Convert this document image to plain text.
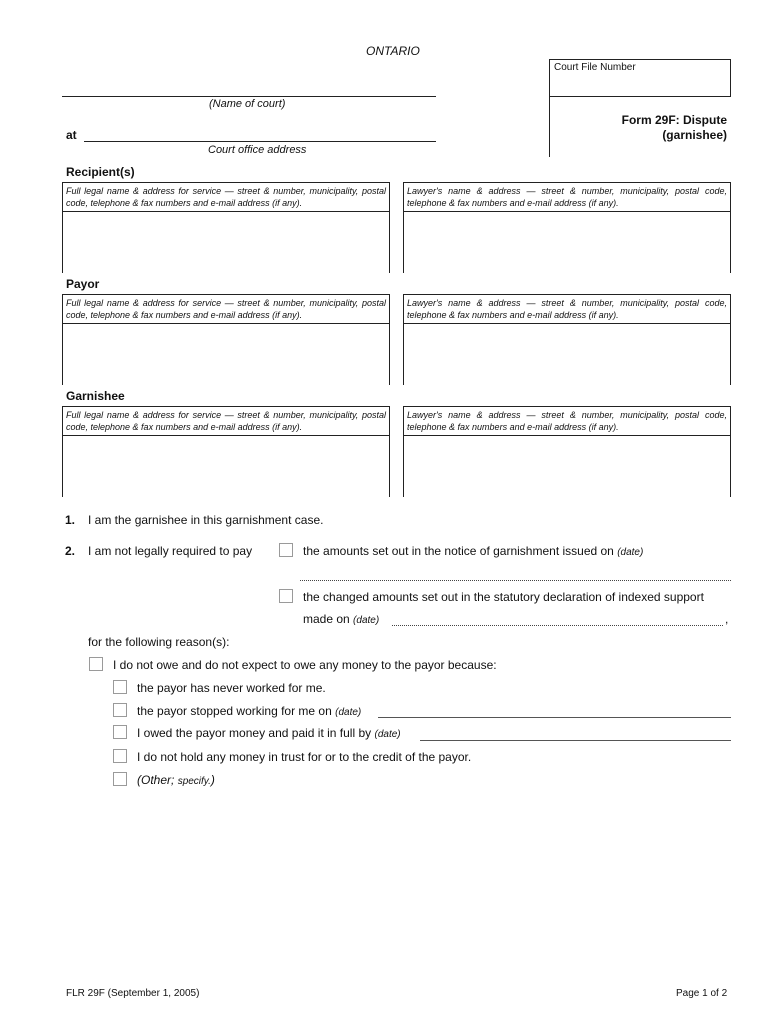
ONTARIO
Court File Number
(Name of court)
at
Court office address
Form 29F: Dispute
(garnishee)
Recipient(s)
Full legal name & address for service — street & number, municipality, postal code, telephone & fax numbers and e-mail address (if any).
Lawyer's name & address — street & number, municipality, postal code, telephone & fax numbers and e-mail address (if any).
Payor
Full legal name & address for service — street & number, municipality, postal code, telephone & fax numbers and e-mail address (if any).
Lawyer's name & address — street & number, municipality, postal code, telephone & fax numbers and e-mail address (if any).
Garnishee
Full legal name & address for service — street & number, municipality, postal code, telephone & fax numbers and e-mail address (if any).
Lawyer's name & address — street & number, municipality, postal code, telephone & fax numbers and e-mail address (if any).
1. I am the garnishee in this garnishment case.
2. I am not legally required to pay	the amounts set out in the notice of garnishment issued on (date)
the changed amounts set out in the statutory declaration of indexed support
made on (date)	,
for the following reason(s):
I do not owe and do not expect to owe any money to the payor because:
the payor has never worked for me.
the payor stopped working for me on (date)
I owed the payor money and paid it in full by (date)
I do not hold any money in trust for or to the credit of the payor.
(Other; specify.)
FLR 29F (September 1, 2005)	Page 1 of 2
